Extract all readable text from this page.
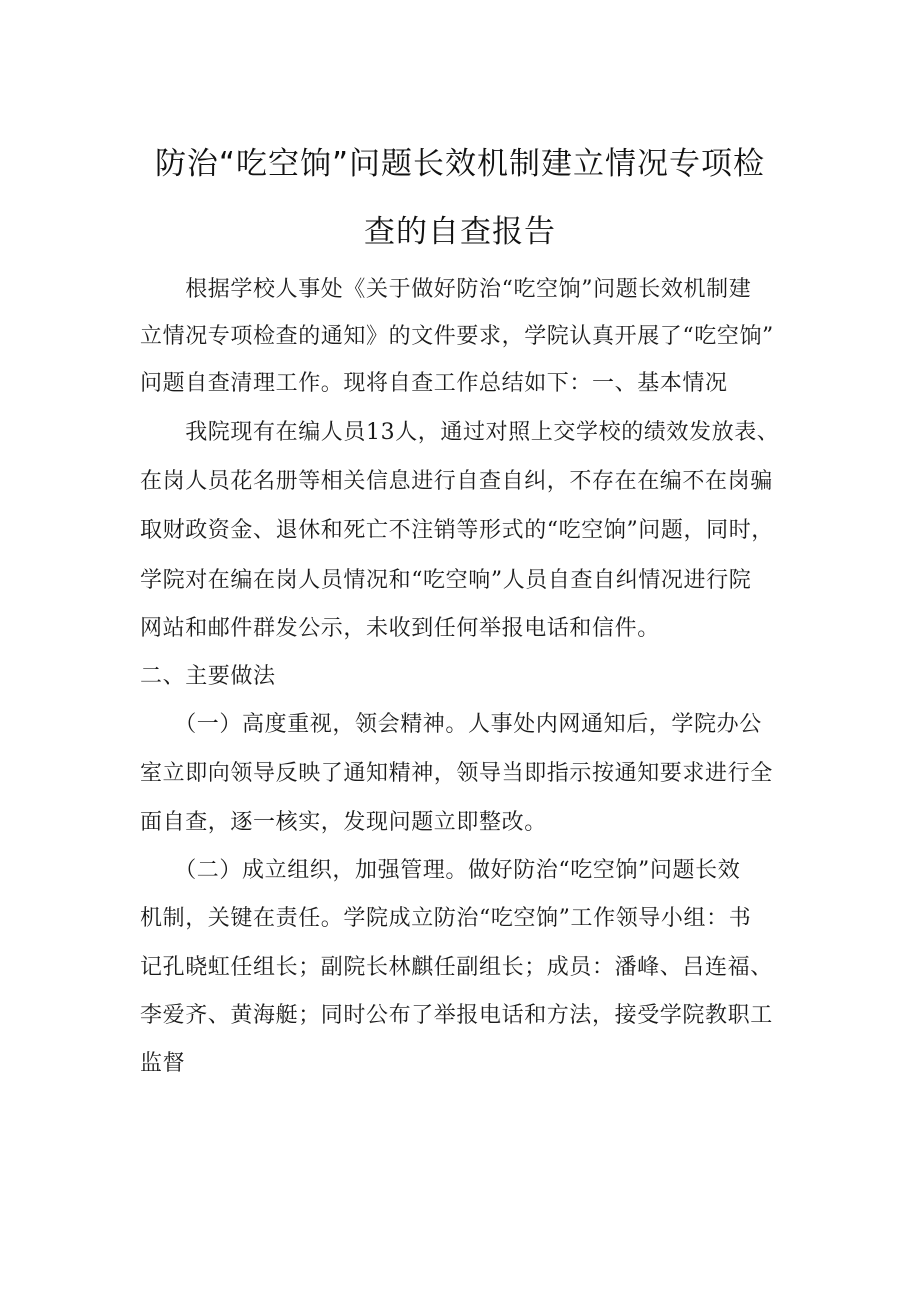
防治“吃空饷”问题长效机制建立情况专项检
查的自查报告

　　根据学校人事处《关于做好防治“吃空饷”问题长效机制建

立情况专项检查的通知》的文件要求，学院认真开展了“吃空饷”

问题自查清理工作。现将自查工作总结如下：一、基本情况

　　我院现有在编人员13人，通过对照上交学校的绩效发放表、

在岗人员花名册等相关信息进行自查自纠，不存在在编不在岗骗

取财政资金、退休和死亡不注销等形式的“吃空饷”问题，同时，

学院对在编在岗人员情况和“吃空响”人员自查自纠情况进行院

网站和邮件群发公示，未收到任何举报电话和信件。

二、主要做法

　　（一）高度重视，领会精神。人事处内网通知后，学院办公

室立即向领导反映了通知精神，领导当即指示按通知要求进行全

面自查，逐一核实，发现问题立即整改。

　　（二）成立组织，加强管理。做好防治“吃空饷”问题长效

机制，关键在责任。学院成立防治“吃空饷”工作领导小组：书

记孔晓虹任组长；副院长林麒任副组长；成员：潘峰、吕连福、

李爱齐、黄海艇；同时公布了举报电话和方法，接受学院教职工

监督
